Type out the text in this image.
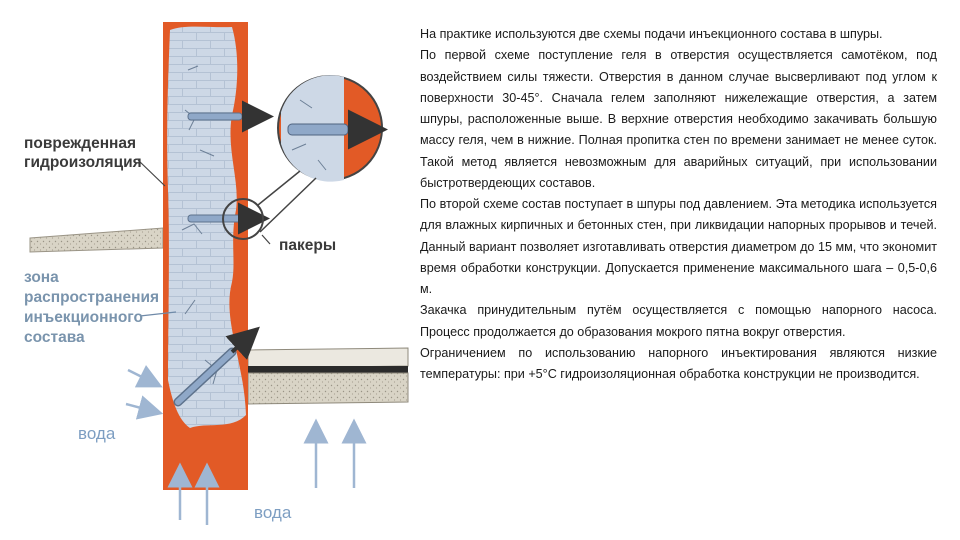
поврежденная
гидроизоляция
пакеры
зона
распространения
инъекционного
состава
вода
вода

На практике используются две схемы подачи инъекционного состава в шпуры.

По первой схеме поступление геля в отверстия осуществляется самотёком, под воздействием силы тяжести. Отверстия в данном случае высверливают под углом к поверхности 30-45°. Сначала гелем заполняют нижележащие отверстия, а затем шпуры, расположенные выше. В верхние отверстия необходимо закачивать большую массу геля, чем в нижние. Полная пропитка стен по времени занимает не менее суток. Такой метод является невозможным для аварийных ситуаций, при использовании быстротвердеющих составов.

По второй схеме состав поступает в шпуры под давлением. Эта методика используется для влажных кирпичных и бетонных стен, при ликвидации напорных прорывов и течей. Данный вариант позволяет изготавливать отверстия диаметром до 15 мм, что экономит время обработки конструкции. Допускается применение максимального шага – 0,5-0,6 м.

Закачка принудительным путём осуществляется с помощью напорного насоса. Процесс продолжается до образования мокрого пятна вокруг отверстия.

Ограничением по использованию напорного инъектирования являются низкие температуры: при +5°С гидроизоляционная обработка конструкции не производится.
